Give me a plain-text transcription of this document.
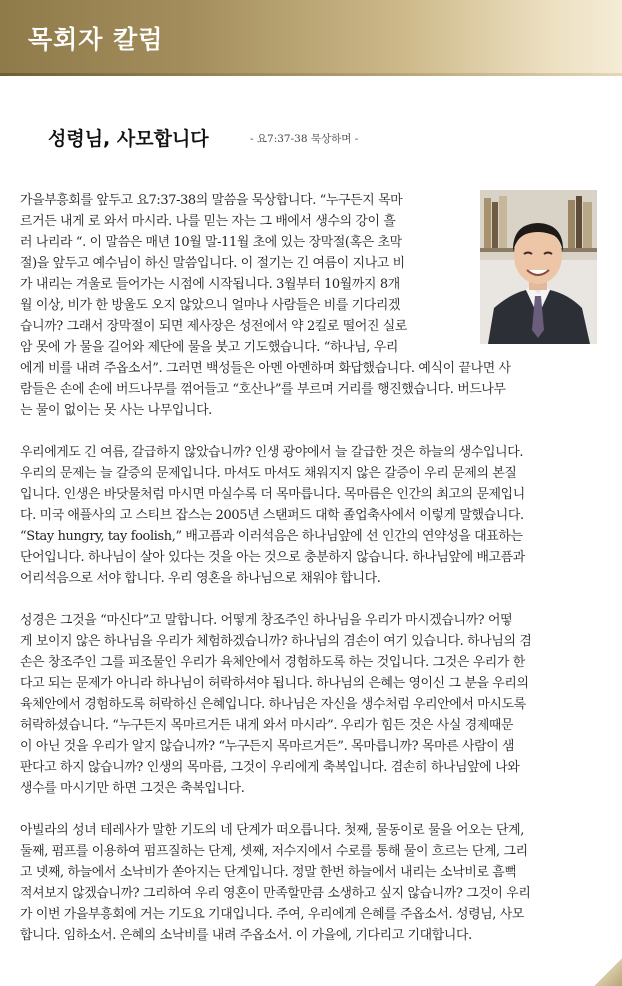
목회자 칼럼
성령님, 사모합니다	- 요7:37-38 묵상하며 -

가을부흥회를 앞두고 요7:37-38의 말씀을 묵상합니다. “누구든지 목마
르거든 내게 로 와서 마시라. 나를 믿는 자는 그 배에서 생수의 강이 흘
러 나리라 “. 이 말씀은 매년 10월 말-11월 초에 있는 장막절(혹은 초막
절)을 앞두고 예수님이 하신 말씀입니다. 이 절기는 긴 여름이 지나고 비
가 내리는 겨울로 들어가는 시점에 시작됩니다. 3월부터 10월까지 8개
월 이상, 비가 한 방울도 오지 않았으니 얼마나 사람들은 비를 기다리겠
습니까? 그래서 장막절이 되면 제사장은 성전에서 약 2킬로 떨어진 실로
암 못에 가 물을 길어와 제단에 물을 붓고 기도했습니다. “하나님, 우리
에게 비를 내려 주옵소서”. 그러면 백성들은 아멘 아멘하며 화답했습니다. 예식이 끝나면 사
람들은 손에 손에 버드나무를 꺾어들고 “호산나”를 부르며 거리를 행진했습니다. 버드나무
는 물이 없이는 못 사는 나무입니다.

우리에게도 긴 여름, 갈급하지 않았습니까? 인생 광야에서 늘 갈급한 것은 하늘의 생수입니다.
우리의 문제는 늘 갈증의 문제입니다. 마셔도 마셔도 채워지지 않은 갈증이 우리 문제의 본질
입니다. 인생은 바닷물처럼 마시면 마실수록 더 목마릅니다. 목마름은 인간의 최고의 문제입니
다. 미국 애플사의 고 스티브 잡스는 2005년 스탠퍼드 대학 졸업축사에서 이렇게 말했습니다.
“Stay hungry, tay foolish,” 배고픔과 이러석음은 하나님앞에 선 인간의 연약성을 대표하는
단어입니다. 하나님이 살아 있다는 것을 아는 것으로 충분하지 않습니다. 하나님앞에 배고픔과
어리석음으로 서야 합니다. 우리 영혼을 하나님으로 채워야 합니다.

성경은 그것을 “마신다”고 말합니다. 어떻게 창조주인 하나님을 우리가 마시겠습니까? 어떻
게 보이지 않은 하나님을 우리가 체험하겠습니까? 하나님의 겸손이 여기 있습니다. 하나님의 겸
손은 창조주인 그를 피조물인 우리가 육체안에서 경험하도록 하는 것입니다. 그것은 우리가 한
다고 되는 문제가 아니라 하나님이 허락하셔야 됩니다. 하나님의 은혜는 영이신 그 분을 우리의
육체안에서 경험하도록 허락하신 은혜입니다. 하나님은 자신을 생수처럼 우리안에서 마시도록
허락하셨습니다. “누구든지 목마르거든 내게 와서 마시라”. 우리가 힘든 것은 사실 경제때문
이 아닌 것을 우리가 알지 않습니까? “누구든지 목마르거든”. 목마릅니까? 목마른 사람이 샘
판다고 하지 않습니까? 인생의 목마름, 그것이 우리에게 축복입니다. 겸손히 하나님앞에 나와
생수를 마시기만 하면 그것은 축복입니다.

아빌라의 성녀 테레사가 말한 기도의 네 단계가 떠오릅니다. 첫째, 물동이로 물을 어오는 단계,
둘째, 펌프를 이용하여 펌프질하는 단계, 셋째, 저수지에서 수로를 통해 물이 흐르는 단계, 그리
고 넷째, 하늘에서 소낙비가 쏟아지는 단계입니다. 정말 한번 하늘에서 내리는 소낙비로 흠뻑
적셔보지 않겠습니까? 그리하여 우리 영혼이 만족할만큼 소생하고 싶지 않습니까? 그것이 우리
가 이번 가을부흥회에 거는 기도요 기대입니다. 주여, 우리에게 은혜를 주옵소서. 성령님, 사모
합니다. 임하소서. 은혜의 소낙비를 내려 주옵소서. 이 가을에, 기다리고 기대합니다.
